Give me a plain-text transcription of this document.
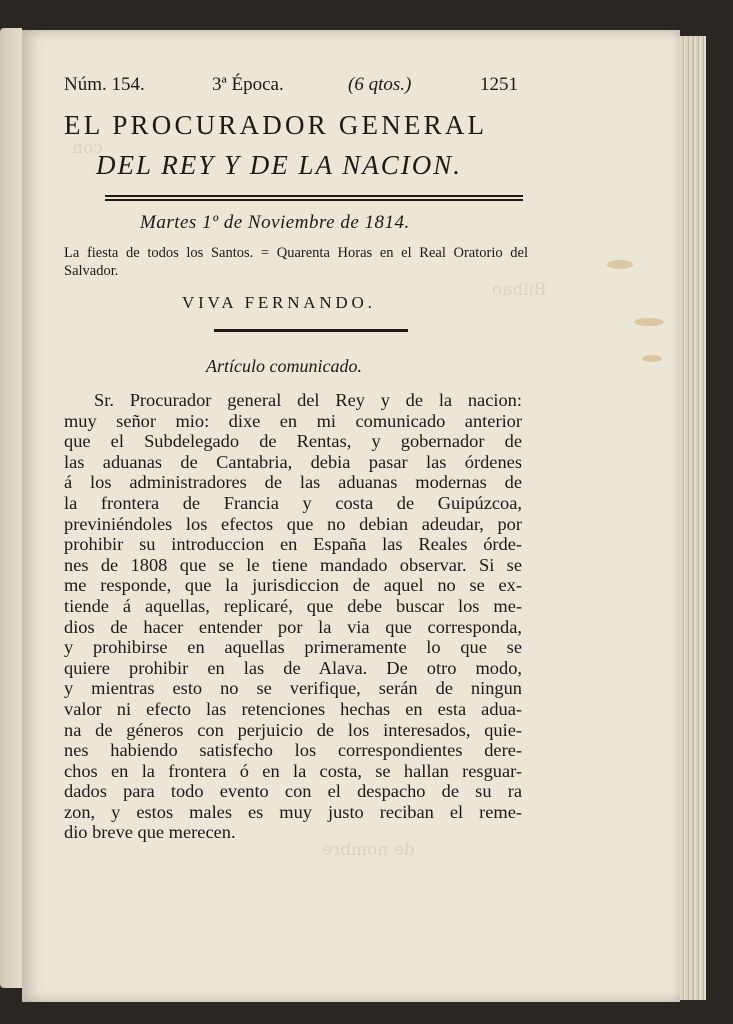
con
Bilbao
de nombre
Núm. 154.	3ª Época.	(6 qtos.)	1251
EL PROCURADOR GENERAL
DEL REY Y DE LA NACION.
Martes 1º de Noviembre de 1814.
La fiesta de todos los Santos. = Quarenta Horas en el Real Oratorio del Salvador.
VIVA FERNANDO.
Artículo comunicado.
Sr. Procurador general del Rey y de la nacion:
muy señor mio: dixe en mi comunicado anterior
que el Subdelegado de Rentas, y gobernador de
las aduanas de Cantabria, debia pasar las órdenes
á los administradores de las aduanas modernas de
la frontera de Francia y costa de Guipúzcoa,
previniéndoles los efectos que no debian adeudar, por
prohibir su introduccion en España las Reales órde-
nes de 1808 que se le tiene mandado observar. Si se
me responde, que la jurisdiccion de aquel no se ex-
tiende á aquellas, replicaré, que debe buscar los me-
dios de hacer entender por la via que corresponda,
y prohibirse en aquellas primeramente lo que se
quiere prohibir en las de Alava. De otro modo,
y mientras esto no se verifique, serán de ningun
valor ni efecto las retenciones hechas en esta adua-
na de géneros con perjuicio de los interesados, quie-
nes habiendo satisfecho los correspondientes dere-
chos en la frontera ó en la costa, se hallan resguar-
dados para todo evento con el despacho de su ra
zon, y estos males es muy justo reciban el reme-
dio breve que merecen.
